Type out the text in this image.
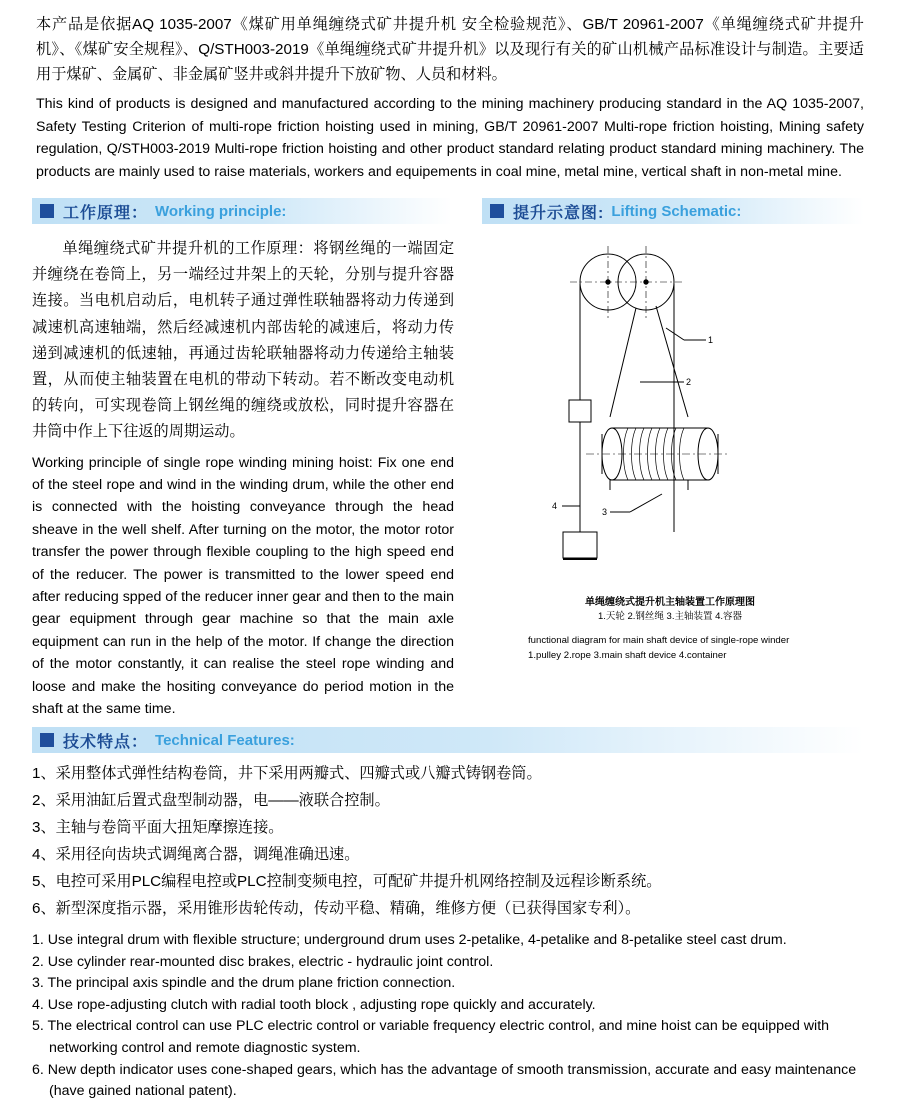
本产品是依据AQ 1035-2007《煤矿用单绳缠绕式矿井提升机 安全检验规范》、GB/T 20961-2007《单绳缠绕式矿井提升机》、《煤矿安全规程》、Q/STH003-2019《单绳缠绕式矿井提升机》以及现行有关的矿山机械产品标准设计与制造。主要适用于煤矿、金属矿、非金属矿竖井或斜井提升下放矿物、人员和材料。
This kind of products is designed and manufactured according to the mining machinery producing standard in the AQ 1035-2007, Safety Testing Criterion of multi-rope friction hoisting used in mining, GB/T 20961-2007 Multi-rope friction hoisting, Mining safety regulation, Q/STH003-2019 Multi-rope friction hoisting and other product standard relating product standard mining machinery. The products are mainly used to raise materials, workers and equipements in coal mine, metal mine, vertical shaft in non-metal mine.
工作原理： Working principle:	提升示意图: Lifting Schematic:
单绳缠绕式矿井提升机的工作原理：将钢丝绳的一端固定并缠绕在卷筒上，另一端经过井架上的天轮，分别与提升容器连接。当电机启动后，电机转子通过弹性联轴器将动力传递到减速机高速轴端，然后经减速机内部齿轮的减速后，将动力传递到减速机的低速轴，再通过齿轮联轴器将动力传递给主轴装置，从而使主轴装置在电机的带动下转动。若不断改变电动机的转向，可实现卷筒上钢丝绳的缠绕或放松，同时提升容器在井筒中作上下往返的周期运动。
Working principle of single rope winding mining hoist: Fix one end of the steel rope and wind in the winding drum, while the other end is connected with the hoisting conveyance through the head sheave in the well shelf. After turning on the motor, the motor rotor transfer the power through flexible coupling to the high speed end of the reducer. The power is transmitted to the lower speed end after reducing spped of the reducer inner gear and then to the main gear equipment through gear machine so that the main axle equipment can run in the help of the motor. If change the direction of the motor constantly, it can realise the steel rope winding and loose and make the hositing conveyance do period motion in the shaft at the same time.
1
2
3
4
单绳缠绕式提升机主轴装置工作原理图
1.天轮 2.钢丝绳 3.主轴装置 4.容器
functional diagram for main shaft device of single-rope winder
1.pulley 2.rope 3.main shaft device 4.container
技术特点： Technical Features:
1、采用整体式弹性结构卷筒，井下采用两瓣式、四瓣式或八瓣式铸钢卷筒。
2、采用油缸后置式盘型制动器，电——液联合控制。
3、主轴与卷筒平面大扭矩摩擦连接。
4、采用径向齿块式调绳离合器，调绳准确迅速。
5、电控可采用PLC编程电控或PLC控制变频电控，可配矿井提升机网络控制及远程诊断系统。
6、新型深度指示器，采用锥形齿轮传动，传动平稳、精确，维修方便（已获得国家专利）。
1. Use integral drum with flexible structure; underground drum uses 2-petalike, 4-petalike and 8-petalike steel cast drum.
2. Use cylinder rear-mounted disc brakes, electric - hydraulic joint control.
3. The principal axis spindle and the drum plane friction connection.
4. Use rope-adjusting clutch with radial tooth block , adjusting rope quickly and accurately.
5. The electrical control can use PLC electric control or variable frequency electric control, and mine hoist can be equipped with networking control and remote diagnostic system.
6. New depth indicator uses cone-shaped gears, which has the advantage of smooth transmission, accurate and easy maintenance (have gained national patent).
